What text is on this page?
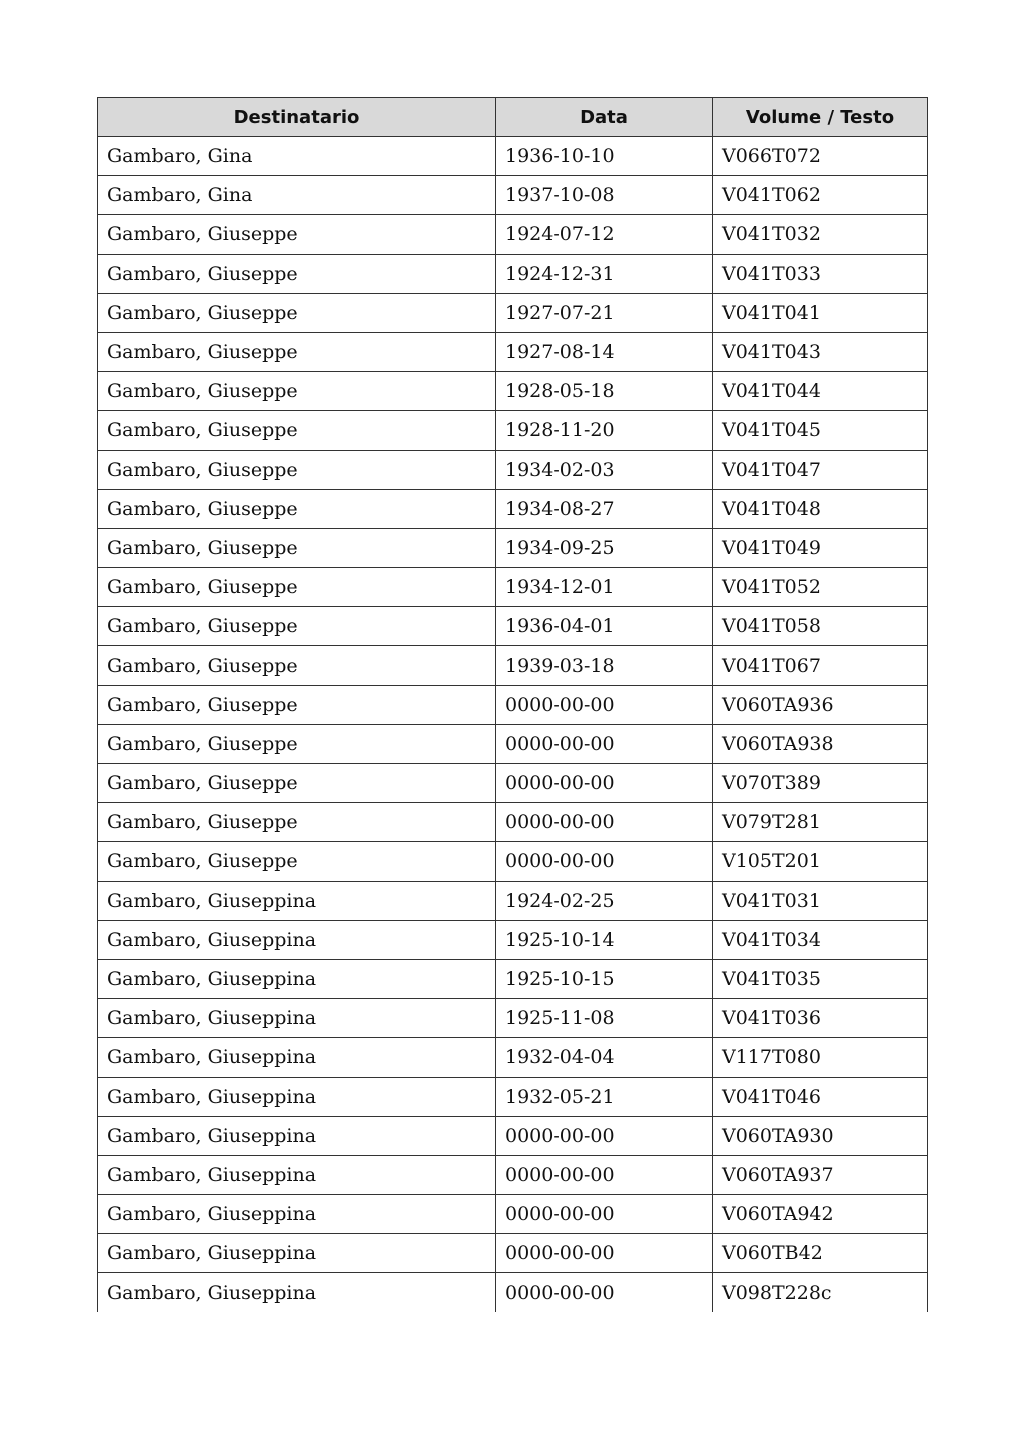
Destinatario	Data	Volume / Testo
Gambaro, Gina	1936-10-10	V066T072
Gambaro, Gina	1937-10-08	V041T062
Gambaro, Giuseppe	1924-07-12	V041T032
Gambaro, Giuseppe	1924-12-31	V041T033
Gambaro, Giuseppe	1927-07-21	V041T041
Gambaro, Giuseppe	1927-08-14	V041T043
Gambaro, Giuseppe	1928-05-18	V041T044
Gambaro, Giuseppe	1928-11-20	V041T045
Gambaro, Giuseppe	1934-02-03	V041T047
Gambaro, Giuseppe	1934-08-27	V041T048
Gambaro, Giuseppe	1934-09-25	V041T049
Gambaro, Giuseppe	1934-12-01	V041T052
Gambaro, Giuseppe	1936-04-01	V041T058
Gambaro, Giuseppe	1939-03-18	V041T067
Gambaro, Giuseppe	0000-00-00	V060TA936
Gambaro, Giuseppe	0000-00-00	V060TA938
Gambaro, Giuseppe	0000-00-00	V070T389
Gambaro, Giuseppe	0000-00-00	V079T281
Gambaro, Giuseppe	0000-00-00	V105T201
Gambaro, Giuseppina	1924-02-25	V041T031
Gambaro, Giuseppina	1925-10-14	V041T034
Gambaro, Giuseppina	1925-10-15	V041T035
Gambaro, Giuseppina	1925-11-08	V041T036
Gambaro, Giuseppina	1932-04-04	V117T080
Gambaro, Giuseppina	1932-05-21	V041T046
Gambaro, Giuseppina	0000-00-00	V060TA930
Gambaro, Giuseppina	0000-00-00	V060TA937
Gambaro, Giuseppina	0000-00-00	V060TA942
Gambaro, Giuseppina	0000-00-00	V060TB42
Gambaro, Giuseppina	0000-00-00	V098T228c
